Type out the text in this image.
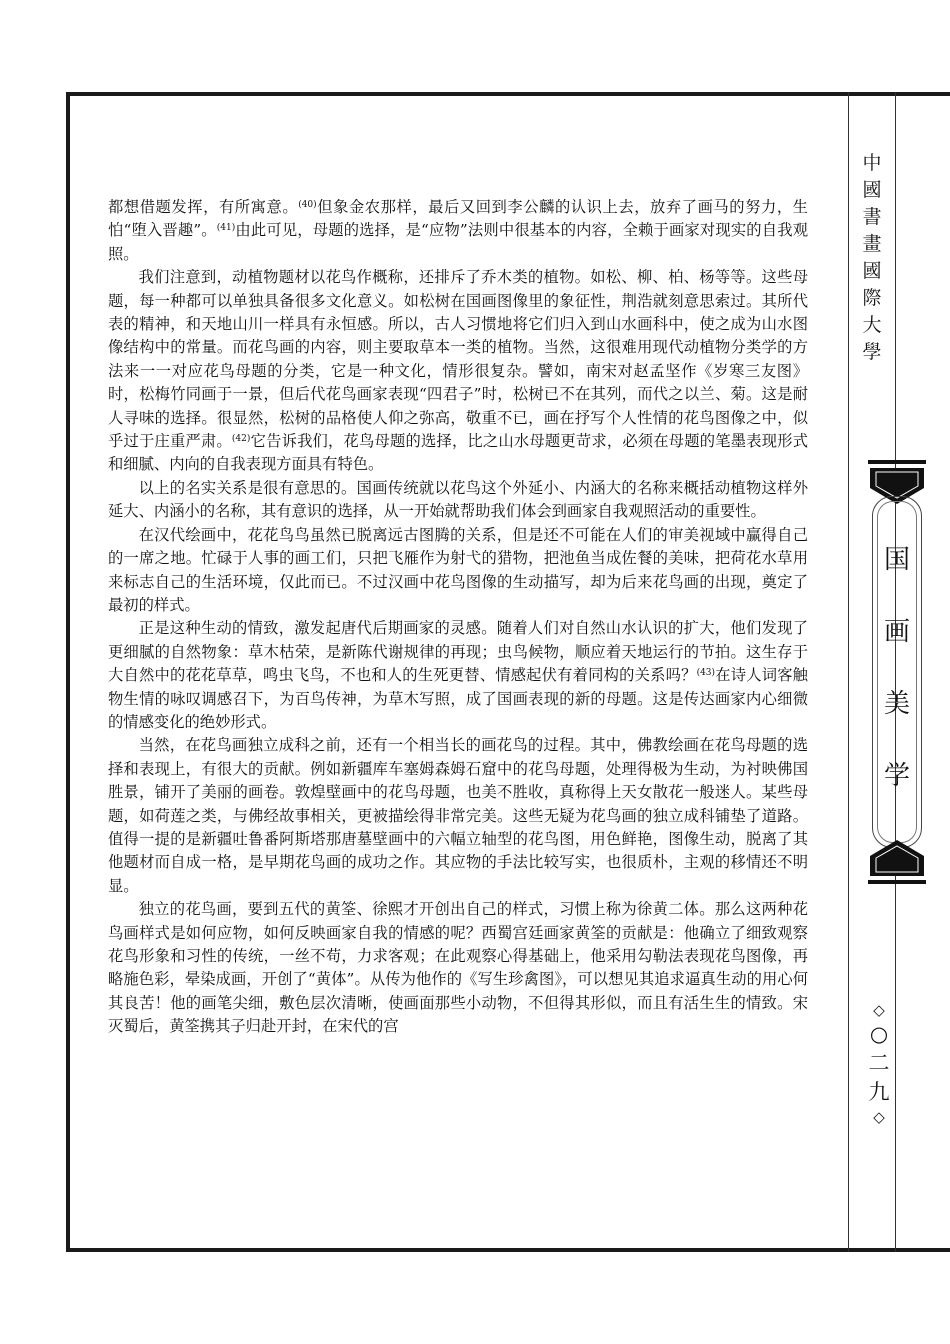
都想借题发挥，有所寓意。$^{(40)}$但象金农那样，最后又回到李公麟的认识上去，放弃了画马的努力，生怕“堕入晋趣”。$^{(41)}$由此可见，母题的选择，是“应物”法则中很基本的内容，全赖于画家对现实的自我观照。

我们注意到，动植物题材以花鸟作概称，还排斥了乔木类的植物。如松、柳、柏、杨等等。这些母题，每一种都可以单独具备很多文化意义。如松树在国画图像里的象征性，荆浩就刻意思索过。其所代表的精神，和天地山川一样具有永恒感。所以，古人习惯地将它们归入到山水画科中，使之成为山水图像结构中的常量。而花鸟画的内容，则主要取草本一类的植物。当然，这很难用现代动植物分类学的方法来一一对应花鸟母题的分类，它是一种文化，情形很复杂。譬如，南宋对赵孟坚作《岁寒三友图》时，松梅竹同画于一景，但后代花鸟画家表现“四君子”时，松树已不在其列，而代之以兰、菊。这是耐人寻味的选择。很显然，松树的品格使人仰之弥高，敬重不已，画在抒写个人性情的花鸟图像之中，似乎过于庄重严肃。$^{(42)}$它告诉我们，花鸟母题的选择，比之山水母题更苛求，必须在母题的笔墨表现形式和细腻、内向的自我表现方面具有特色。

以上的名实关系是很有意思的。国画传统就以花鸟这个外延小、内涵大的名称来概括动植物这样外延大、内涵小的名称，其有意识的选择，从一开始就帮助我们体会到画家自我观照活动的重要性。

在汉代绘画中，花花鸟鸟虽然已脱离远古图腾的关系，但是还不可能在人们的审美视域中赢得自己的一席之地。忙碌于人事的画工们，只把飞雁作为射弋的猎物，把池鱼当成佐餐的美味，把荷花水草用来标志自己的生活环境，仅此而已。不过汉画中花鸟图像的生动描写，却为后来花鸟画的出现，奠定了最初的样式。

正是这种生动的情致，激发起唐代后期画家的灵感。随着人们对自然山水认识的扩大，他们发现了更细腻的自然物象：草木枯荣，是新陈代谢规律的再现；虫鸟候物，顺应着天地运行的节拍。这生存于大自然中的花花草草，鸣虫飞鸟，不也和人的生死更替、情感起伏有着同构的关系吗？$^{(43)}$在诗人词客触物生情的咏叹调感召下，为百鸟传神，为草木写照，成了国画表现的新的母题。这是传达画家内心细微的情感变化的绝妙形式。

当然，在花鸟画独立成科之前，还有一个相当长的画花鸟的过程。其中，佛教绘画在花鸟母题的选择和表现上，有很大的贡献。例如新疆库车塞姆森姆石窟中的花鸟母题，处理得极为生动，为衬映佛国胜景，铺开了美丽的画卷。敦煌壁画中的花鸟母题，也美不胜收，真称得上天女散花一般迷人。某些母题，如荷莲之类，与佛经故事相关，更被描绘得非常完美。这些无疑为花鸟画的独立成科铺垫了道路。值得一提的是新疆吐鲁番阿斯塔那唐墓壁画中的六幅立轴型的花鸟图，用色鲜艳，图像生动，脱离了其他题材而自成一格，是早期花鸟画的成功之作。其应物的手法比较写实，也很质朴，主观的移情还不明显。

独立的花鸟画，要到五代的黄筌、徐熙才开创出自己的样式，习惯上称为徐黄二体。那么这两种花鸟画样式是如何应物，如何反映画家自我的情感的呢？西蜀宫廷画家黄筌的贡献是：他确立了细致观察花鸟形象和习性的传统，一丝不苟，力求客观；在此观察心得基础上，他采用勾勒法表现花鸟图像，再略施色彩，晕染成画，开创了“黄体”。从传为他作的《写生珍禽图》，可以想见其追求逼真生动的用心何其良苦！他的画笔尖细，敷色层次清晰，使画面那些小动物，不但得其形似，而且有活生生的情致。宋灭蜀后，黄筌携其子归赴开封，在宋代的宫

中
國
書
畫
國
際
大
學
国
画
美
学
◇
○
二
九
◇
